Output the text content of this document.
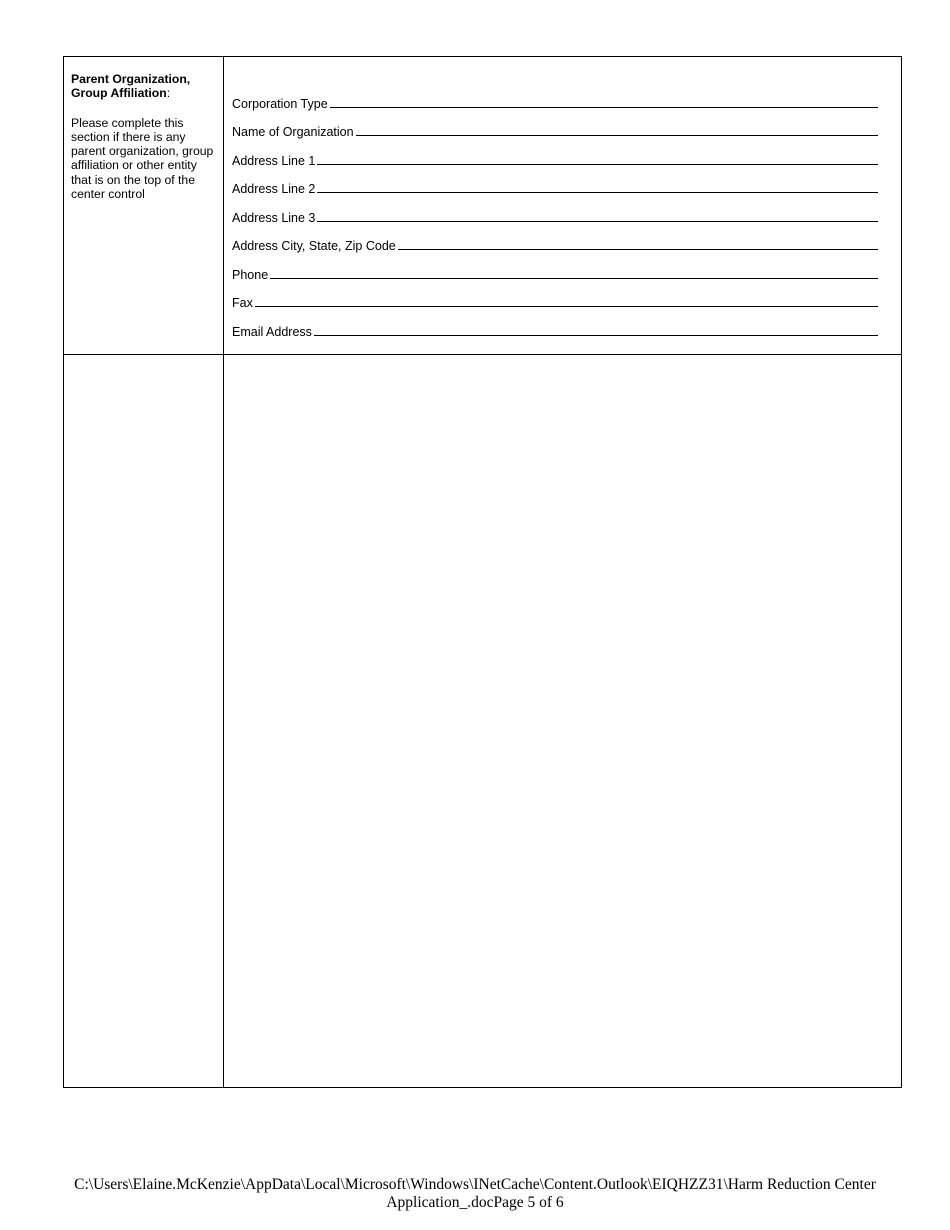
Parent Organization, Group Affiliation:
Please complete this section if there is any parent organization, group affiliation or other entity that is on the top of the center control
Corporation Type
Name of Organization
Address Line 1
Address Line 2
Address Line 3
Address City, State, Zip Code
Phone
Fax
Email Address
C:\Users\Elaine.McKenzie\AppData\Local\Microsoft\Windows\INetCache\Content.Outlook\EIQHZZ31\Harm Reduction Center
Application_.docPage 5 of 6
